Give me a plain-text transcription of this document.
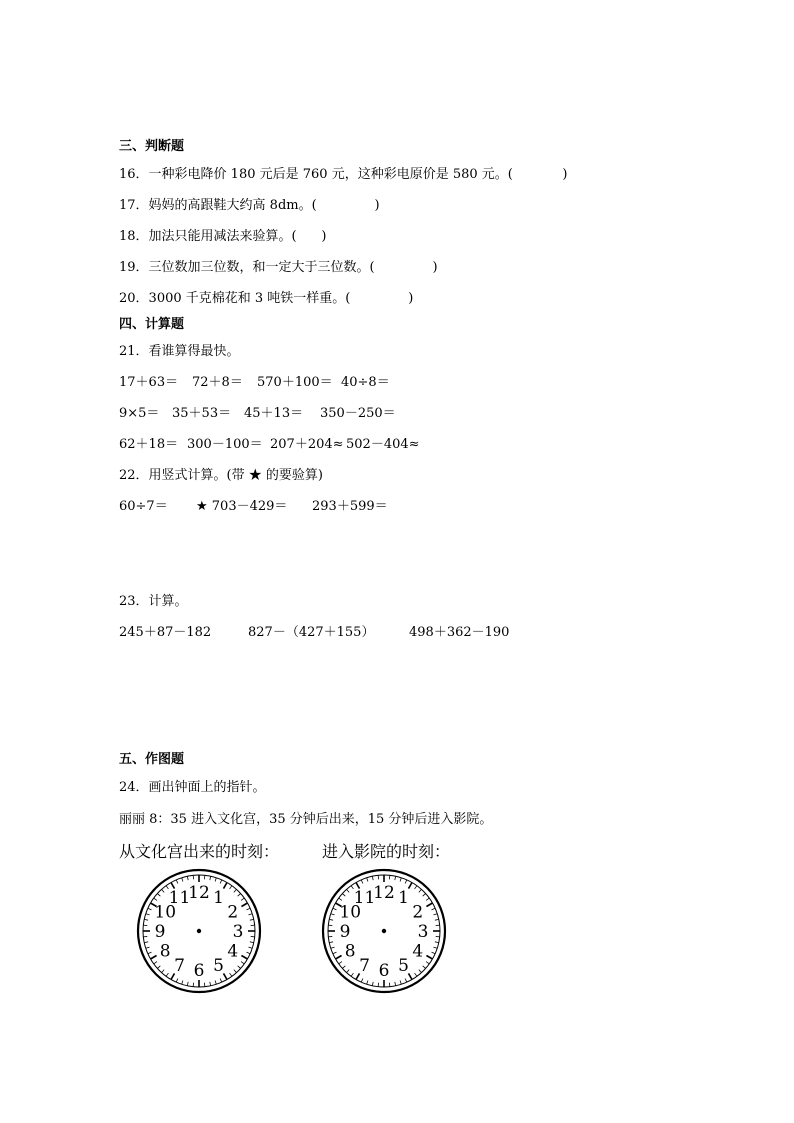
三、判断题
16．一种彩电降价 180 元后是 760 元，这种彩电原价是 580 元。(            )
17．妈妈的高跟鞋大约高 8dm。(              )
18．加法只能用减法来验算。(      )
19．三位数加三位数，和一定大于三位数。(              )
20．3000 千克棉花和 3 吨铁一样重。(              )
四、计算题
21．看谁算得最快。
17＋63＝ 72＋8＝ 570＋100＝ 40÷8＝
9×5＝ 35＋53＝ 45＋13＝ 350－250＝
62＋18＝ 300－100＝ 207＋204≈ 502－404≈
22．用竖式计算。(带 ★ 的要验算)
60÷7＝ ★ 703－429＝ 293＋599＝
23．计算。
245＋87－182	827－（427＋155）	498＋362－190
五、作图题
24．画出钟面上的指针。
丽丽 8：35 进入文化宫，35 分钟后出来，15 分钟后进入影院。
从文化宫出来的时刻：	进入影院的时刻：
12 1
2
3
4
5
6
7
8
9
10
11	12 1
2
3
4
5
6
7
8
9
10
11
